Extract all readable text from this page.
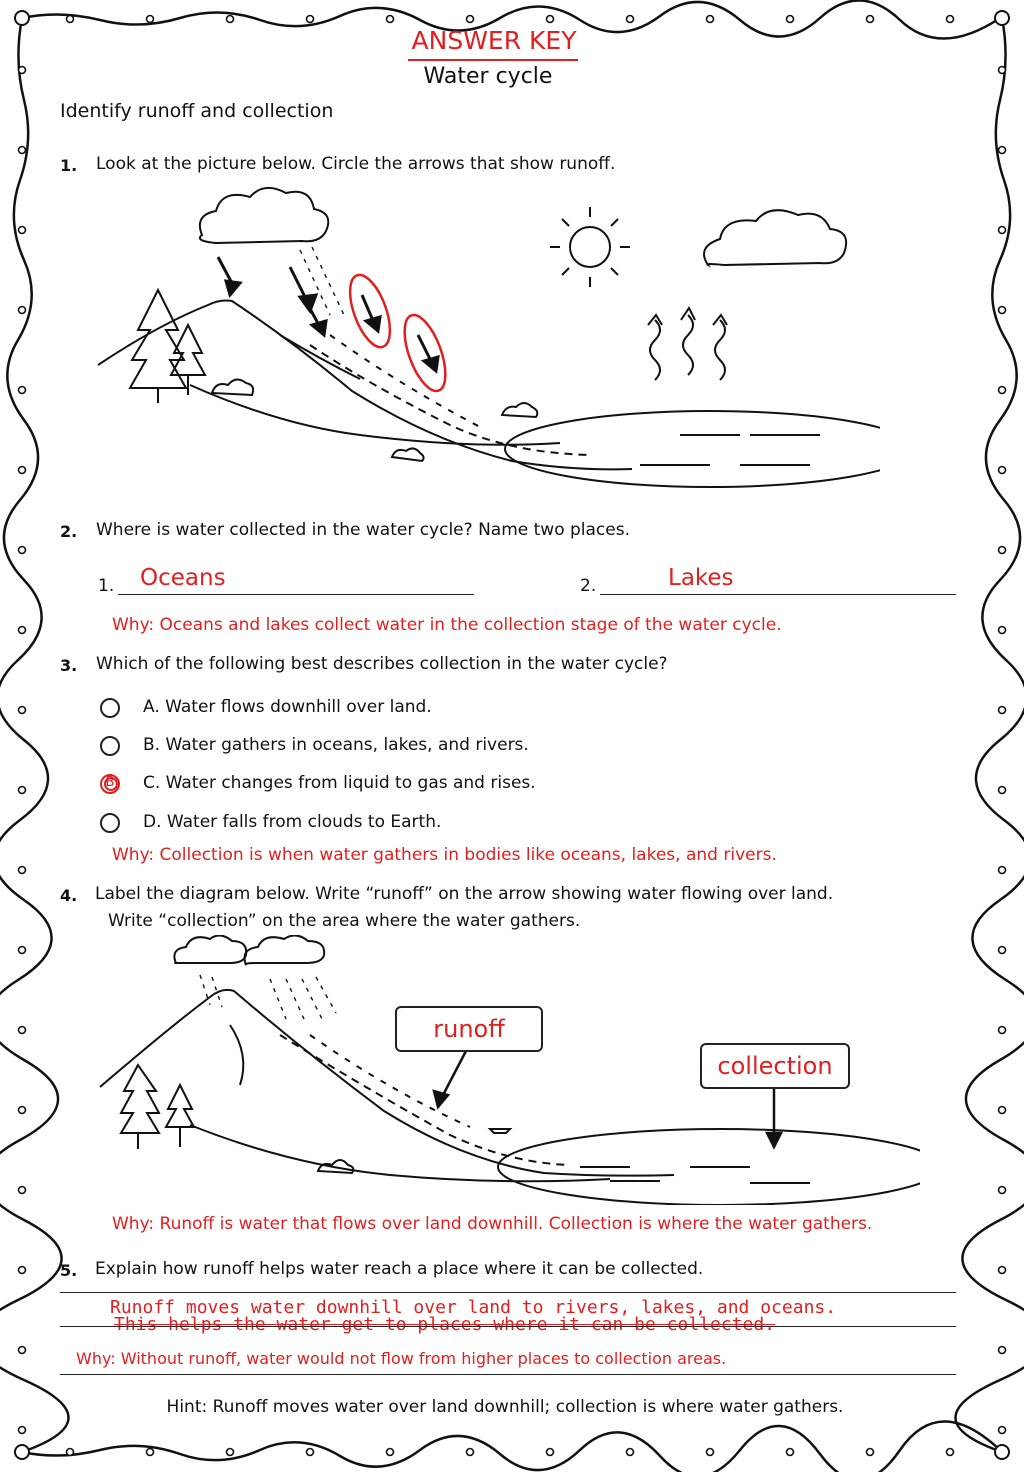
ANSWER KEY
Water cycle
Identify runoff and collection
1. Look at the picture below. Circle the arrows that show runoff.
2. Where is water collected in the water cycle? Name two places.
1. Oceans	2.	Lakes
Why: Oceans and lakes collect water in the collection stage of the water cycle.
3. Which of the following best describes collection in the water cycle?
A. Water flows downhill over land.
B. Water gathers in oceans, lakes, and rivers.
B	C. Water changes from liquid to gas and rises.
D. Water falls from clouds to Earth.
Why: Collection is when water gathers in bodies like oceans, lakes, and rivers.
4. Label the diagram below. Write “runoff” on the arrow showing water flowing over land.
Write “collection” on the area where the water gathers.
runoff
collection
Why: Runoff is water that flows over land downhill. Collection is where the water gathers.
5. Explain how runoff helps water reach a place where it can be collected.
Runoff moves water downhill over land to rivers, lakes, and oceans.
This helps the water get to places where it can be collected.
Why: Without runoff, water would not flow from higher places to collection areas.
Hint: Runoff moves water over land downhill; collection is where water gathers.
